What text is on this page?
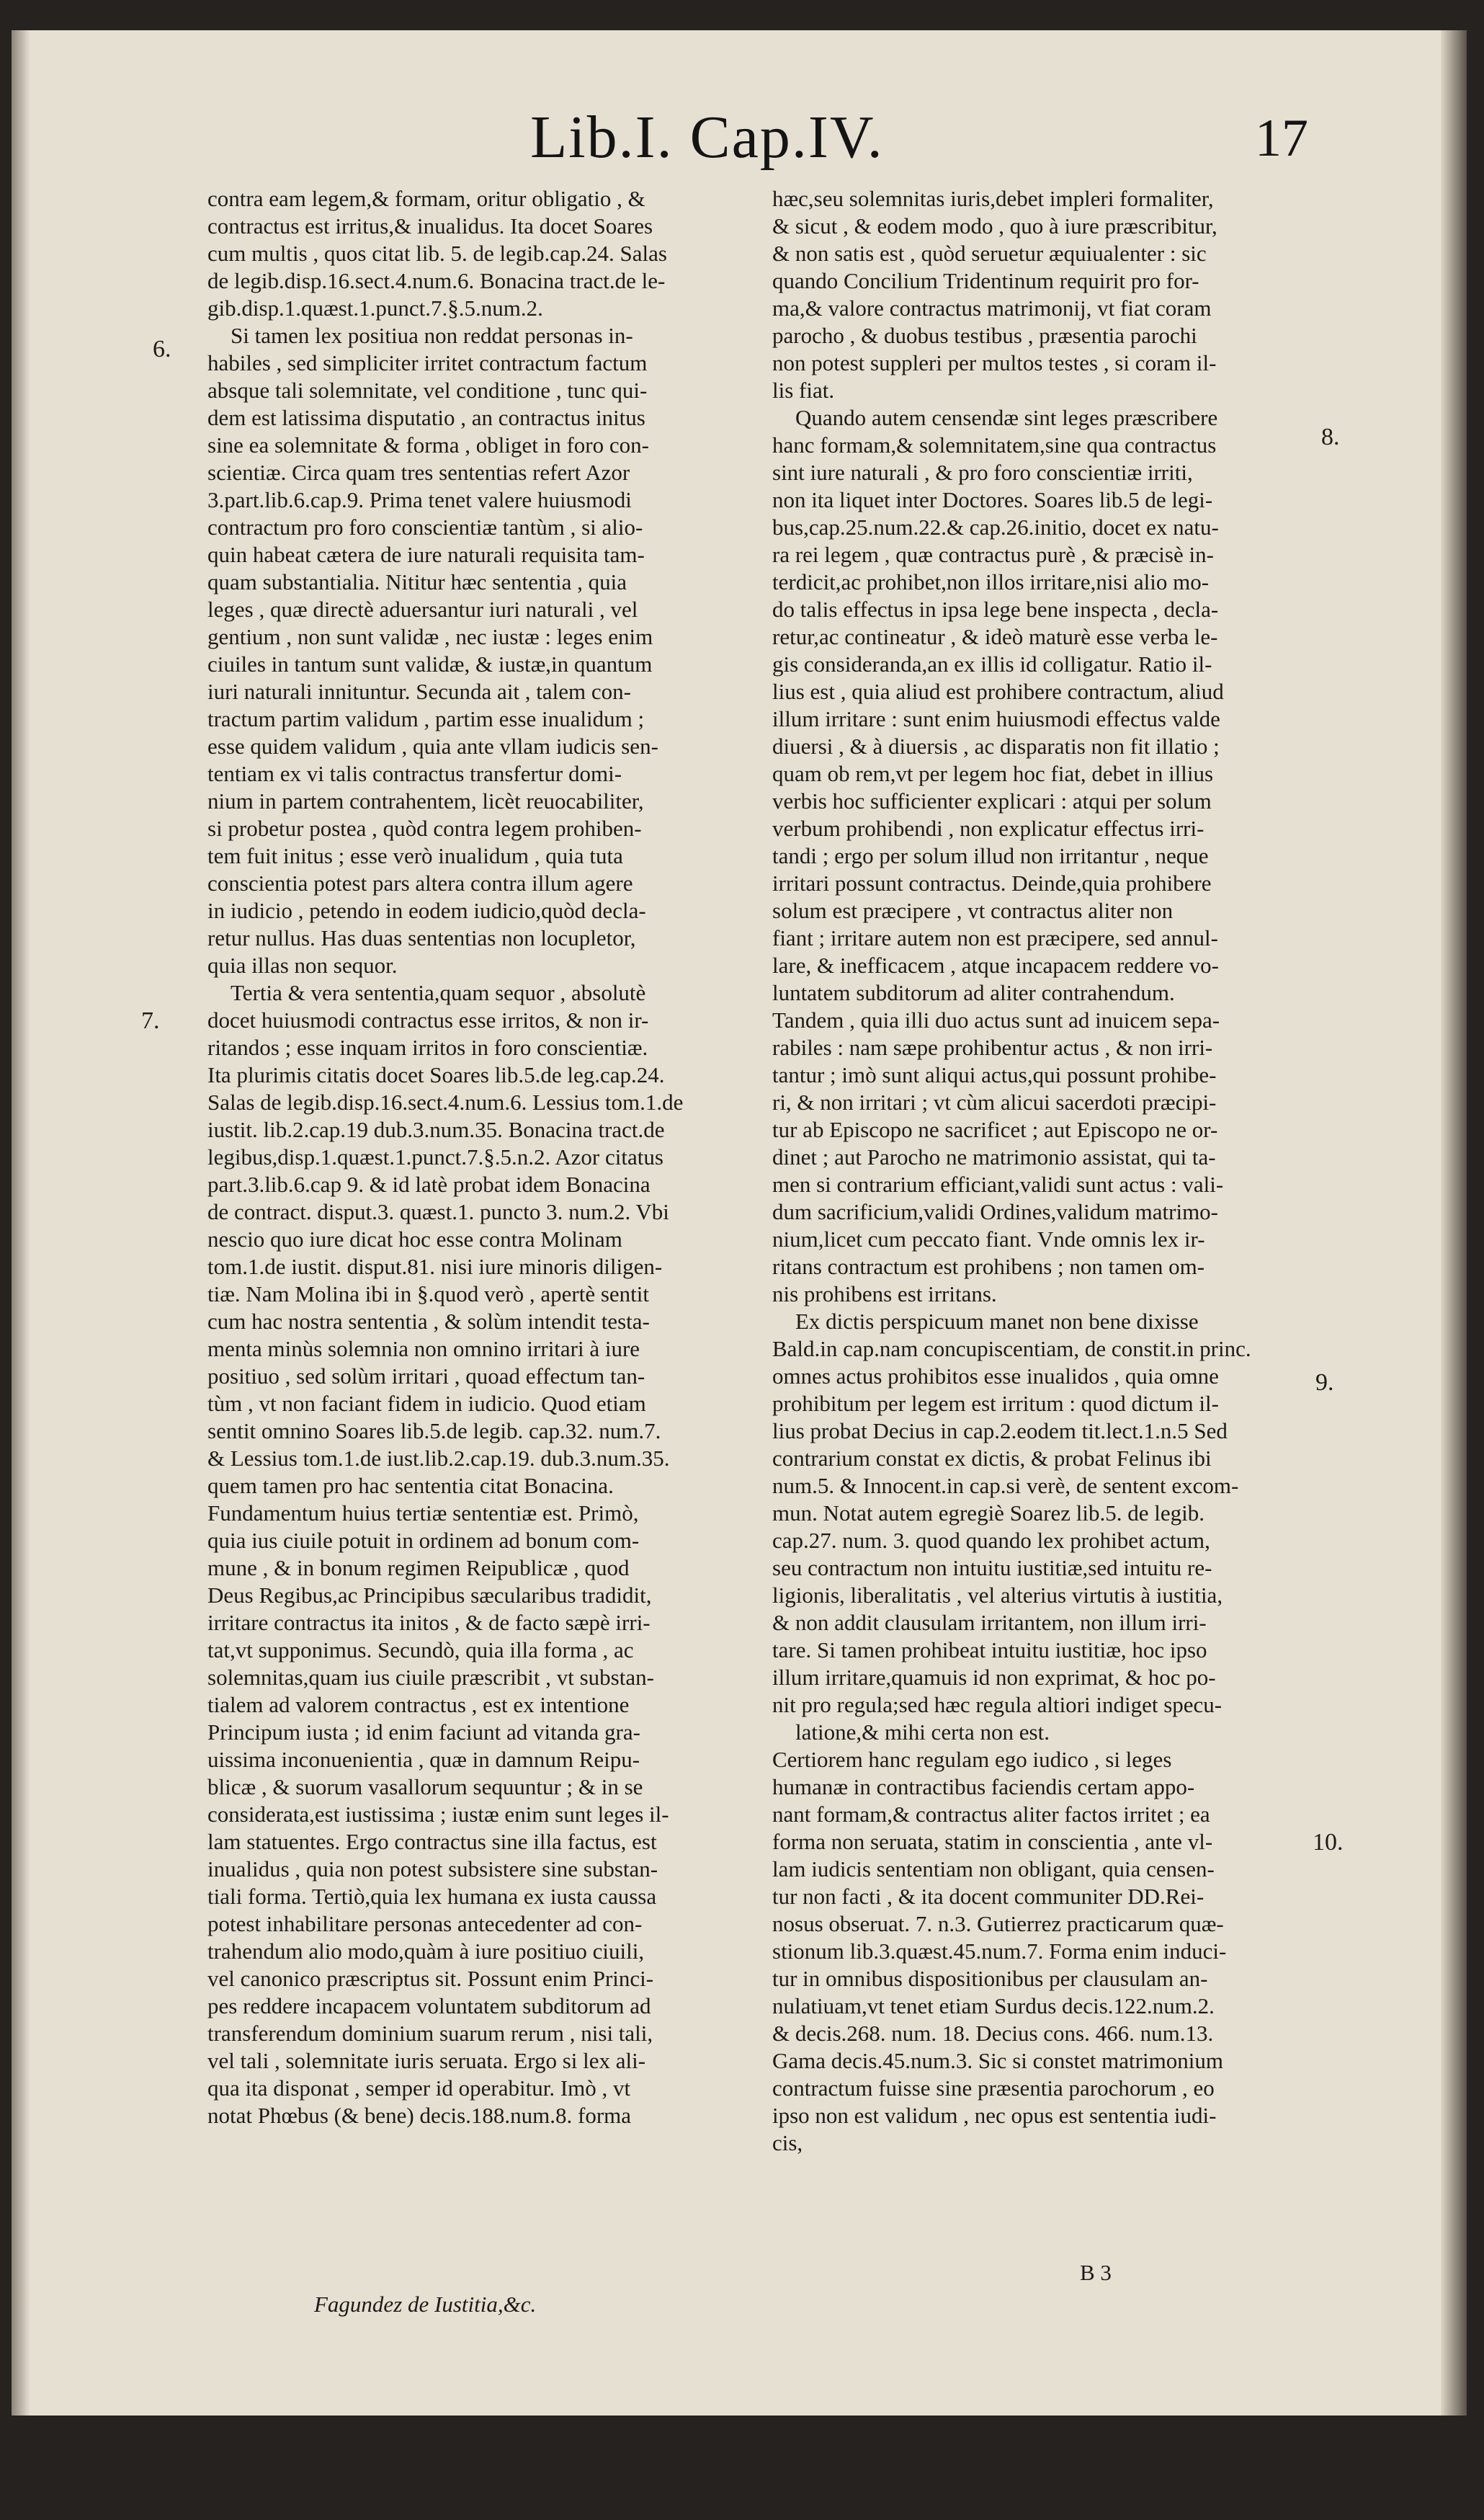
Lib.I. Cap.IV.	17
6.
7.
8.
9.
10.
contra eam legem,& formam, oritur obligatio , &
contractus est irritus,& inualidus. Ita docet Soares
cum multis , quos citat lib. 5. de legib.cap.24. Salas
de legib.disp.16.sect.4.num.6. Bonacina tract.de le-
gib.disp.1.quæst.1.punct.7.§.5.num.2.
Si tamen lex positiua non reddat personas in-
habiles , sed simpliciter irritet contractum factum
absque tali solemnitate, vel conditione , tunc qui-
dem est latissima disputatio , an contractus initus
sine ea solemnitate & forma , obliget in foro con-
scientiæ. Circa quam tres sententias refert Azor
3.part.lib.6.cap.9. Prima tenet valere huiusmodi
contractum pro foro conscientiæ tantùm , si alio-
quin habeat cætera de iure naturali requisita tam-
quam substantialia. Nititur hæc sententia , quia
leges , quæ directè aduersantur iuri naturali , vel
gentium , non sunt validæ , nec iustæ : leges enim
ciuiles in tantum sunt validæ, & iustæ,in quantum
iuri naturali innituntur. Secunda ait , talem con-
tractum partim validum , partim esse inualidum ;
esse quidem validum , quia ante vllam iudicis sen-
tentiam ex vi talis contractus transfertur domi-
nium in partem contrahentem, licèt reuocabiliter,
si probetur postea , quòd contra legem prohiben-
tem fuit initus ; esse verò inualidum , quia tuta
conscientia potest pars altera contra illum agere
in iudicio , petendo in eodem iudicio,quòd decla-
retur nullus. Has duas sententias non locupletor,
quia illas non sequor.
Tertia & vera sententia,quam sequor , absolutè
docet huiusmodi contractus esse irritos, & non ir-
ritandos ; esse inquam irritos in foro conscientiæ.
Ita plurimis citatis docet Soares lib.5.de leg.cap.24.
Salas de legib.disp.16.sect.4.num.6. Lessius tom.1.de
iustit. lib.2.cap.19 dub.3.num.35. Bonacina tract.de
legibus,disp.1.quæst.1.punct.7.§.5.n.2. Azor citatus
part.3.lib.6.cap 9. & id latè probat idem Bonacina
de contract. disput.3. quæst.1. puncto 3. num.2. Vbi
nescio quo iure dicat hoc esse contra Molinam
tom.1.de iustit. disput.81. nisi iure minoris diligen-
tiæ. Nam Molina ibi in §.quod verò , apertè sentit
cum hac nostra sententia , & solùm intendit testa-
menta minùs solemnia non omnino irritari à iure
positiuo , sed solùm irritari , quoad effectum tan-
tùm , vt non faciant fidem in iudicio. Quod etiam
sentit omnino Soares lib.5.de legib. cap.32. num.7.
& Lessius tom.1.de iust.lib.2.cap.19. dub.3.num.35.
quem tamen pro hac sententia citat Bonacina.
Fundamentum huius tertiæ sententiæ est. Primò,
quia ius ciuile potuit in ordinem ad bonum com-
mune , & in bonum regimen Reipublicæ , quod
Deus Regibus,ac Principibus sæcularibus tradidit,
irritare contractus ita initos , & de facto sæpè irri-
tat,vt supponimus. Secundò, quia illa forma , ac
solemnitas,quam ius ciuile præscribit , vt substan-
tialem ad valorem contractus , est ex intentione
Principum iusta ; id enim faciunt ad vitanda gra-
uissima inconuenientia , quæ in damnum Reipu-
blicæ , & suorum vasallorum sequuntur ; & in se
considerata,est iustissima ; iustæ enim sunt leges il-
lam statuentes. Ergo contractus sine illa factus, est
inualidus , quia non potest subsistere sine substan-
tiali forma. Tertiò,quia lex humana ex iusta caussa
potest inhabilitare personas antecedenter ad con-
trahendum alio modo,quàm à iure positiuo ciuili,
vel canonico præscriptus sit. Possunt enim Princi-
pes reddere incapacem voluntatem subditorum ad
transferendum dominium suarum rerum , nisi tali,
vel tali , solemnitate iuris seruata. Ergo si lex ali-
qua ita disponat , semper id operabitur. Imò , vt
notat Phœbus (& bene) decis.188.num.8. forma
hæc,seu solemnitas iuris,debet impleri formaliter,
& sicut , & eodem modo , quo à iure præscribitur,
& non satis est , quòd seruetur æquiualenter : sic
quando Concilium Tridentinum requirit pro for-
ma,& valore contractus matrimonij, vt fiat coram
parocho , & duobus testibus , præsentia parochi
non potest suppleri per multos testes , si coram il-
lis fiat.
Quando autem censendæ sint leges præscribere
hanc formam,& solemnitatem,sine qua contractus
sint iure naturali , & pro foro conscientiæ irriti,
non ita liquet inter Doctores. Soares lib.5 de legi-
bus,cap.25.num.22.& cap.26.initio, docet ex natu-
ra rei legem , quæ contractus purè , & præcisè in-
terdicit,ac prohibet,non illos irritare,nisi alio mo-
do talis effectus in ipsa lege bene inspecta , decla-
retur,ac contineatur , & ideò maturè esse verba le-
gis consideranda,an ex illis id colligatur. Ratio il-
lius est , quia aliud est prohibere contractum, aliud
illum irritare : sunt enim huiusmodi effectus valde
diuersi , & à diuersis , ac disparatis non fit illatio ;
quam ob rem,vt per legem hoc fiat, debet in illius
verbis hoc sufficienter explicari : atqui per solum
verbum prohibendi , non explicatur effectus irri-
tandi ; ergo per solum illud non irritantur , neque
irritari possunt contractus. Deinde,quia prohibere
solum est præcipere , vt contractus aliter non
fiant ; irritare autem non est præcipere, sed annul-
lare, & inefficacem , atque incapacem reddere vo-
luntatem subditorum ad aliter contrahendum.
Tandem , quia illi duo actus sunt ad inuicem sepa-
rabiles : nam sæpe prohibentur actus , & non irri-
tantur ; imò sunt aliqui actus,qui possunt prohibe-
ri, & non irritari ; vt cùm alicui sacerdoti præcipi-
tur ab Episcopo ne sacrificet ; aut Episcopo ne or-
dinet ; aut Parocho ne matrimonio assistat, qui ta-
men si contrarium efficiant,validi sunt actus : vali-
dum sacrificium,validi Ordines,validum matrimo-
nium,licet cum peccato fiant. Vnde omnis lex ir-
ritans contractum est prohibens ; non tamen om-
nis prohibens est irritans.
Ex dictis perspicuum manet non bene dixisse
Bald.in cap.nam concupiscentiam, de constit.in princ.
omnes actus prohibitos esse inualidos , quia omne
prohibitum per legem est irritum : quod dictum il-
lius probat Decius in cap.2.eodem tit.lect.1.n.5 Sed
contrarium constat ex dictis, & probat Felinus ibi
num.5. & Innocent.in cap.si verè, de sentent excom-
mun. Notat autem egregiè Soarez lib.5. de legib.
cap.27. num. 3. quod quando lex prohibet actum,
seu contractum non intuitu iustitiæ,sed intuitu re-
ligionis, liberalitatis , vel alterius virtutis à iustitia,
& non addit clausulam irritantem, non illum irri-
tare. Si tamen prohibeat intuitu iustitiæ, hoc ipso
illum irritare,quamuis id non exprimat, & hoc po-
nit pro regula;sed hæc regula altiori indiget specu-
latione,& mihi certa non est.
Certiorem hanc regulam ego iudico , si leges
humanæ in contractibus faciendis certam appo-
nant formam,& contractus aliter factos irritet ; ea
forma non seruata, statim in conscientia , ante vl-
lam iudicis sententiam non obligant, quia censen-
tur non facti , & ita docent communiter DD.Rei-
nosus obseruat. 7. n.3. Gutierrez practicarum quæ-
stionum lib.3.quæst.45.num.7. Forma enim induci-
tur in omnibus dispositionibus per clausulam an-
nulatiuam,vt tenet etiam Surdus decis.122.num.2.
& decis.268. num. 18. Decius cons. 466. num.13.
Gama decis.45.num.3. Sic si constet matrimonium
contractum fuisse sine præsentia parochorum , eo
ipso non est validum , nec opus est sententia iudi-
cis,
Fagundez de Iustitia,&c.
B 3
